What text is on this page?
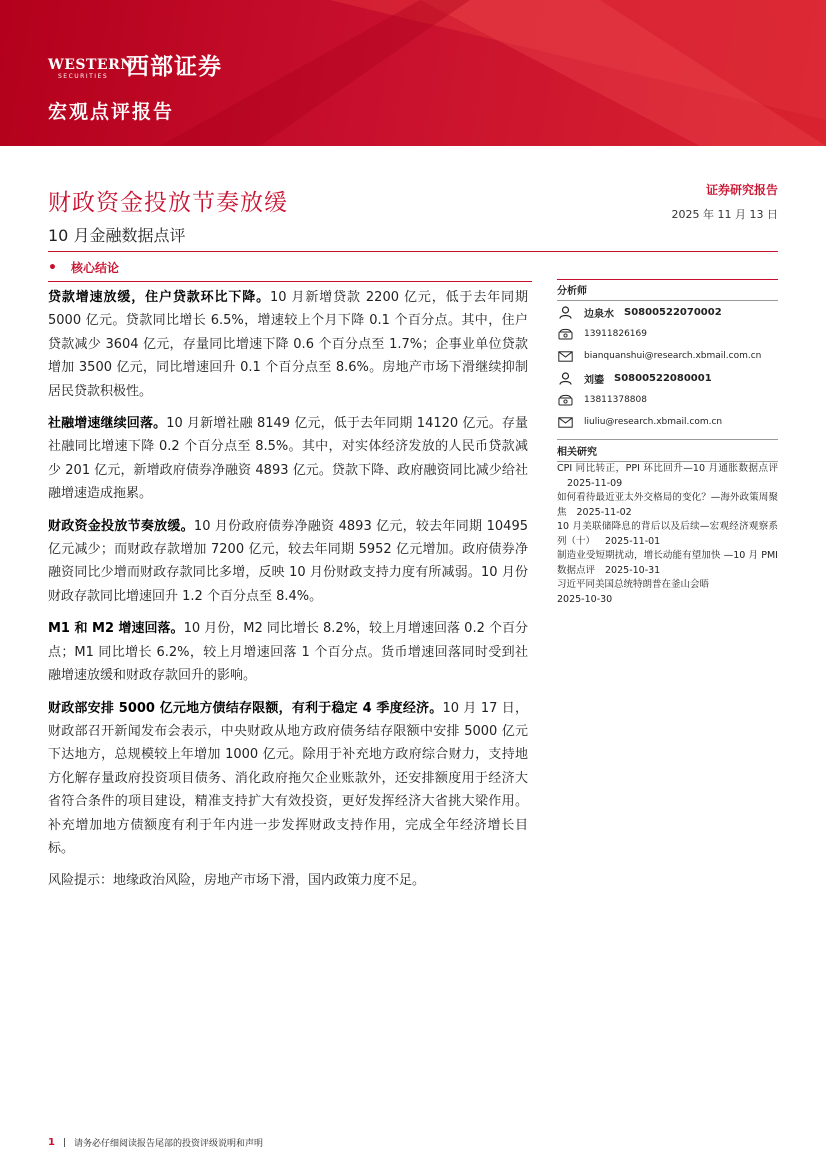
WESTERN
SECURITIES 西部证券
宏观点评报告
财政资金投放节奏放缓
10 月金融数据点评
证券研究报告
2025 年 11 月 13 日
• 核心结论

贷款增速放缓，住户贷款环比下降。10 月新增贷款 2200 亿元，低于去年同期 5000 亿元。贷款同比增长 6.5%，增速较上个月下降 0.1 个百分点。其中，住户贷款减少 3604 亿元，存量同比增速下降 0.6 个百分点至 1.7%；企事业单位贷款增加 3500 亿元，同比增速回升 0.1 个百分点至 8.6%。房地产市场下滑继续抑制居民贷款积极性。

社融增速继续回落。10 月新增社融 8149 亿元，低于去年同期 14120 亿元。存量社融同比增速下降 0.2 个百分点至 8.5%。其中，对实体经济发放的人民币贷款减少 201 亿元，新增政府债券净融资 4893 亿元。贷款下降、政府融资同比减少给社融增速造成拖累。

财政资金投放节奏放缓。10 月份政府债券净融资 4893 亿元，较去年同期 10495 亿元减少；而财政存款增加 7200 亿元，较去年同期 5952 亿元增加。政府债券净融资同比少增而财政存款同比多增，反映 10 月份财政支持力度有所减弱。10 月份财政存款同比增速回升 1.2 个百分点至 8.4%。

M1 和 M2 增速回落。10 月份，M2 同比增长 8.2%，较上月增速回落 0.2 个百分点；M1 同比增长 6.2%，较上月增速回落 1 个百分点。货币增速回落同时受到社融增速放缓和财政存款回升的影响。

财政部安排 5000 亿元地方债结存限额，有利于稳定 4 季度经济。10 月 17 日，财政部召开新闻发布会表示，中央财政从地方政府债务结存限额中安排 5000 亿元下达地方，总规模较上年增加 1000 亿元。除用于补充地方政府综合财力，支持地方化解存量政府投资项目债务、消化政府拖欠企业账款外，还安排额度用于经济大省符合条件的项目建设，精准支持扩大有效投资，更好发挥经济大省挑大梁作用。补充增加地方债额度有利于年内进一步发挥财政支持作用，完成全年经济增长目标。

风险提示：地缘政治风险，房地产市场下滑，国内政策力度不足。

分析师
边泉水 S0800522070002
13911826169
bianquanshui@research.xbmail.com.cn
刘鎏 S0800522080001
13811378808
liuliu@research.xbmail.com.cn
相关研究
CPI 同比转正，PPI 环比回升—10 月通胀数据点评2025-11-09
如何看待最近亚太外交格局的变化？—海外政策周聚焦 2025-11-02
10 月美联储降息的背后以及后续—宏观经济观察系列（十） 2025-11-01
制造业受短期扰动，增长动能有望加快 —10 月 PMI 数据点评 2025-10-31
习近平同美国总统特朗普在釜山会晤
2025-10-30
1 | 请务必仔细阅读报告尾部的投资评级说明和声明
